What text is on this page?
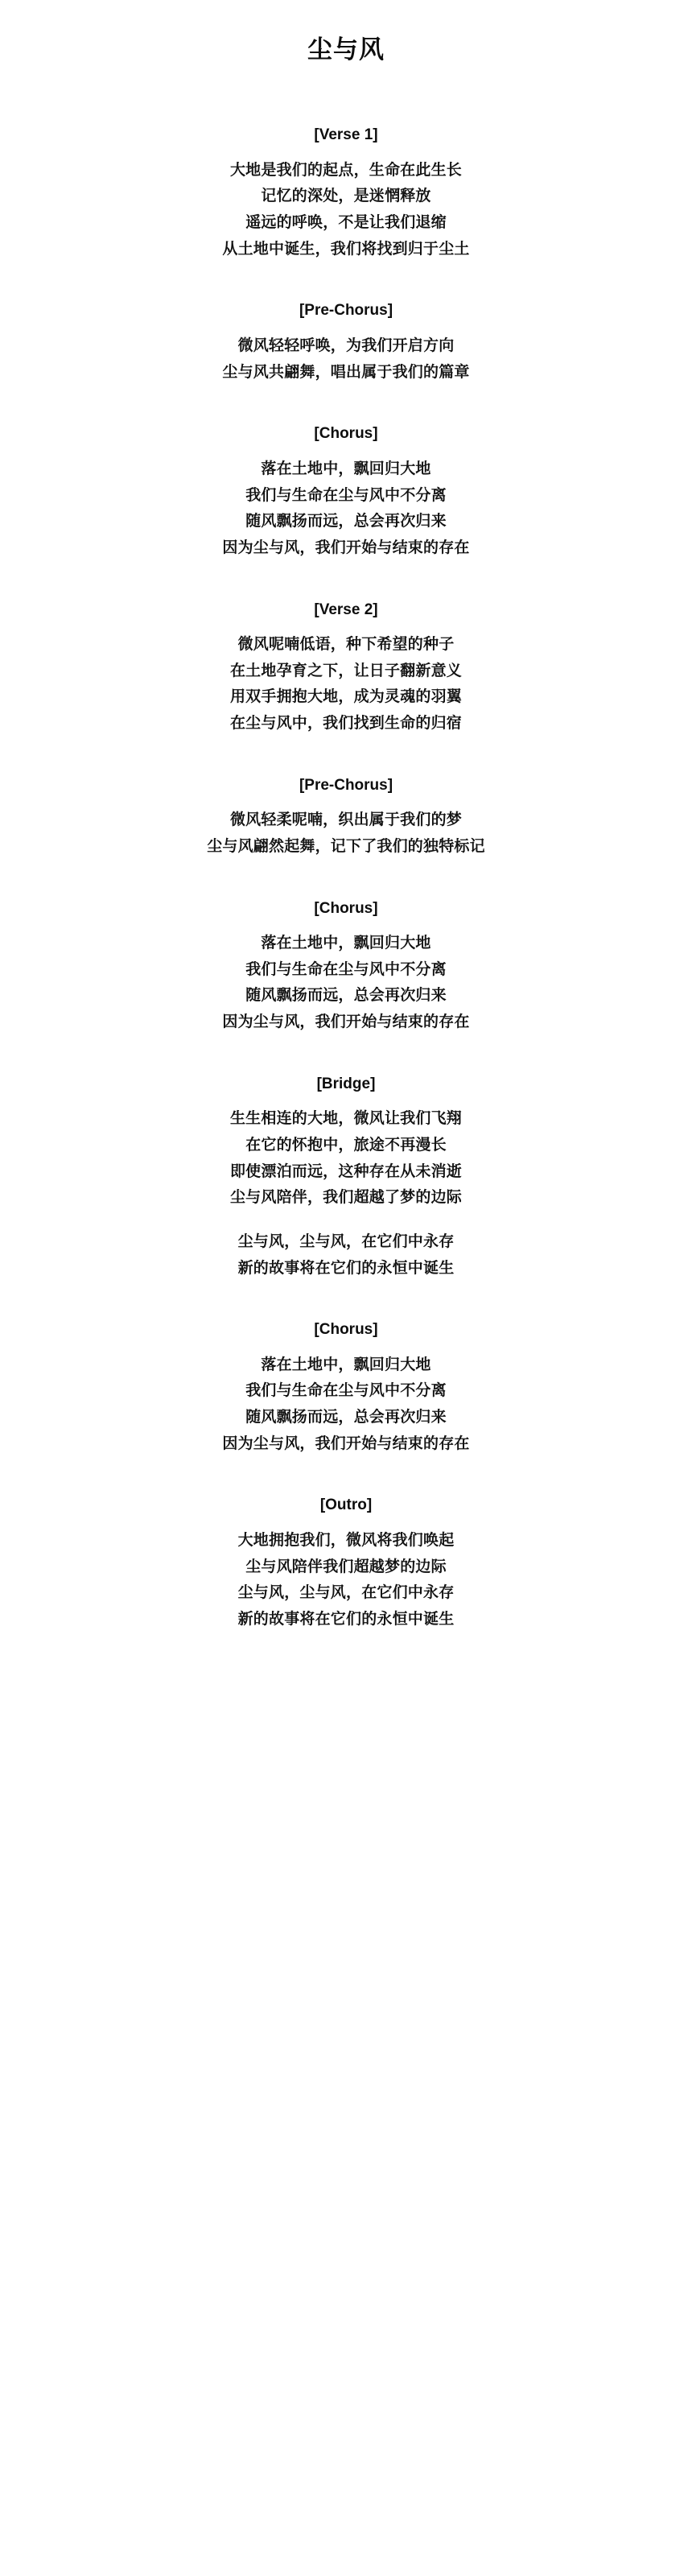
尘与风
[Verse 1]
大地是我们的起点，生命在此生长
记忆的深处，是迷惘释放
遥远的呼唤，不是让我们退缩
从土地中诞生，我们将找到归于尘土
[Pre-Chorus]
微风轻轻呼唤，为我们开启方向
尘与风共翩舞，唱出属于我们的篇章
[Chorus]
落在土地中，飘回归大地
我们与生命在尘与风中不分离
随风飘扬而远，总会再次归来
因为尘与风，我们开始与结束的存在
[Verse 2]
微风呢喃低语，种下希望的种子
在土地孕育之下，让日子翻新意义
用双手拥抱大地，成为灵魂的羽翼
在尘与风中，我们找到生命的归宿
[Pre-Chorus]
微风轻柔呢喃，织出属于我们的梦
尘与风翩然起舞，记下了我们的独特标记
[Chorus]
落在土地中，飘回归大地
我们与生命在尘与风中不分离
随风飘扬而远，总会再次归来
因为尘与风，我们开始与结束的存在
[Bridge]
生生相连的大地，微风让我们飞翔
在它的怀抱中，旅途不再漫长
即使漂泊而远，这种存在从未消逝
尘与风陪伴，我们超越了梦的边际
尘与风，尘与风，在它们中永存
新的故事将在它们的永恒中诞生
[Chorus]
落在土地中，飘回归大地
我们与生命在尘与风中不分离
随风飘扬而远，总会再次归来
因为尘与风，我们开始与结束的存在
[Outro]
大地拥抱我们，微风将我们唤起
尘与风陪伴我们超越梦的边际
尘与风，尘与风，在它们中永存
新的故事将在它们的永恒中诞生
